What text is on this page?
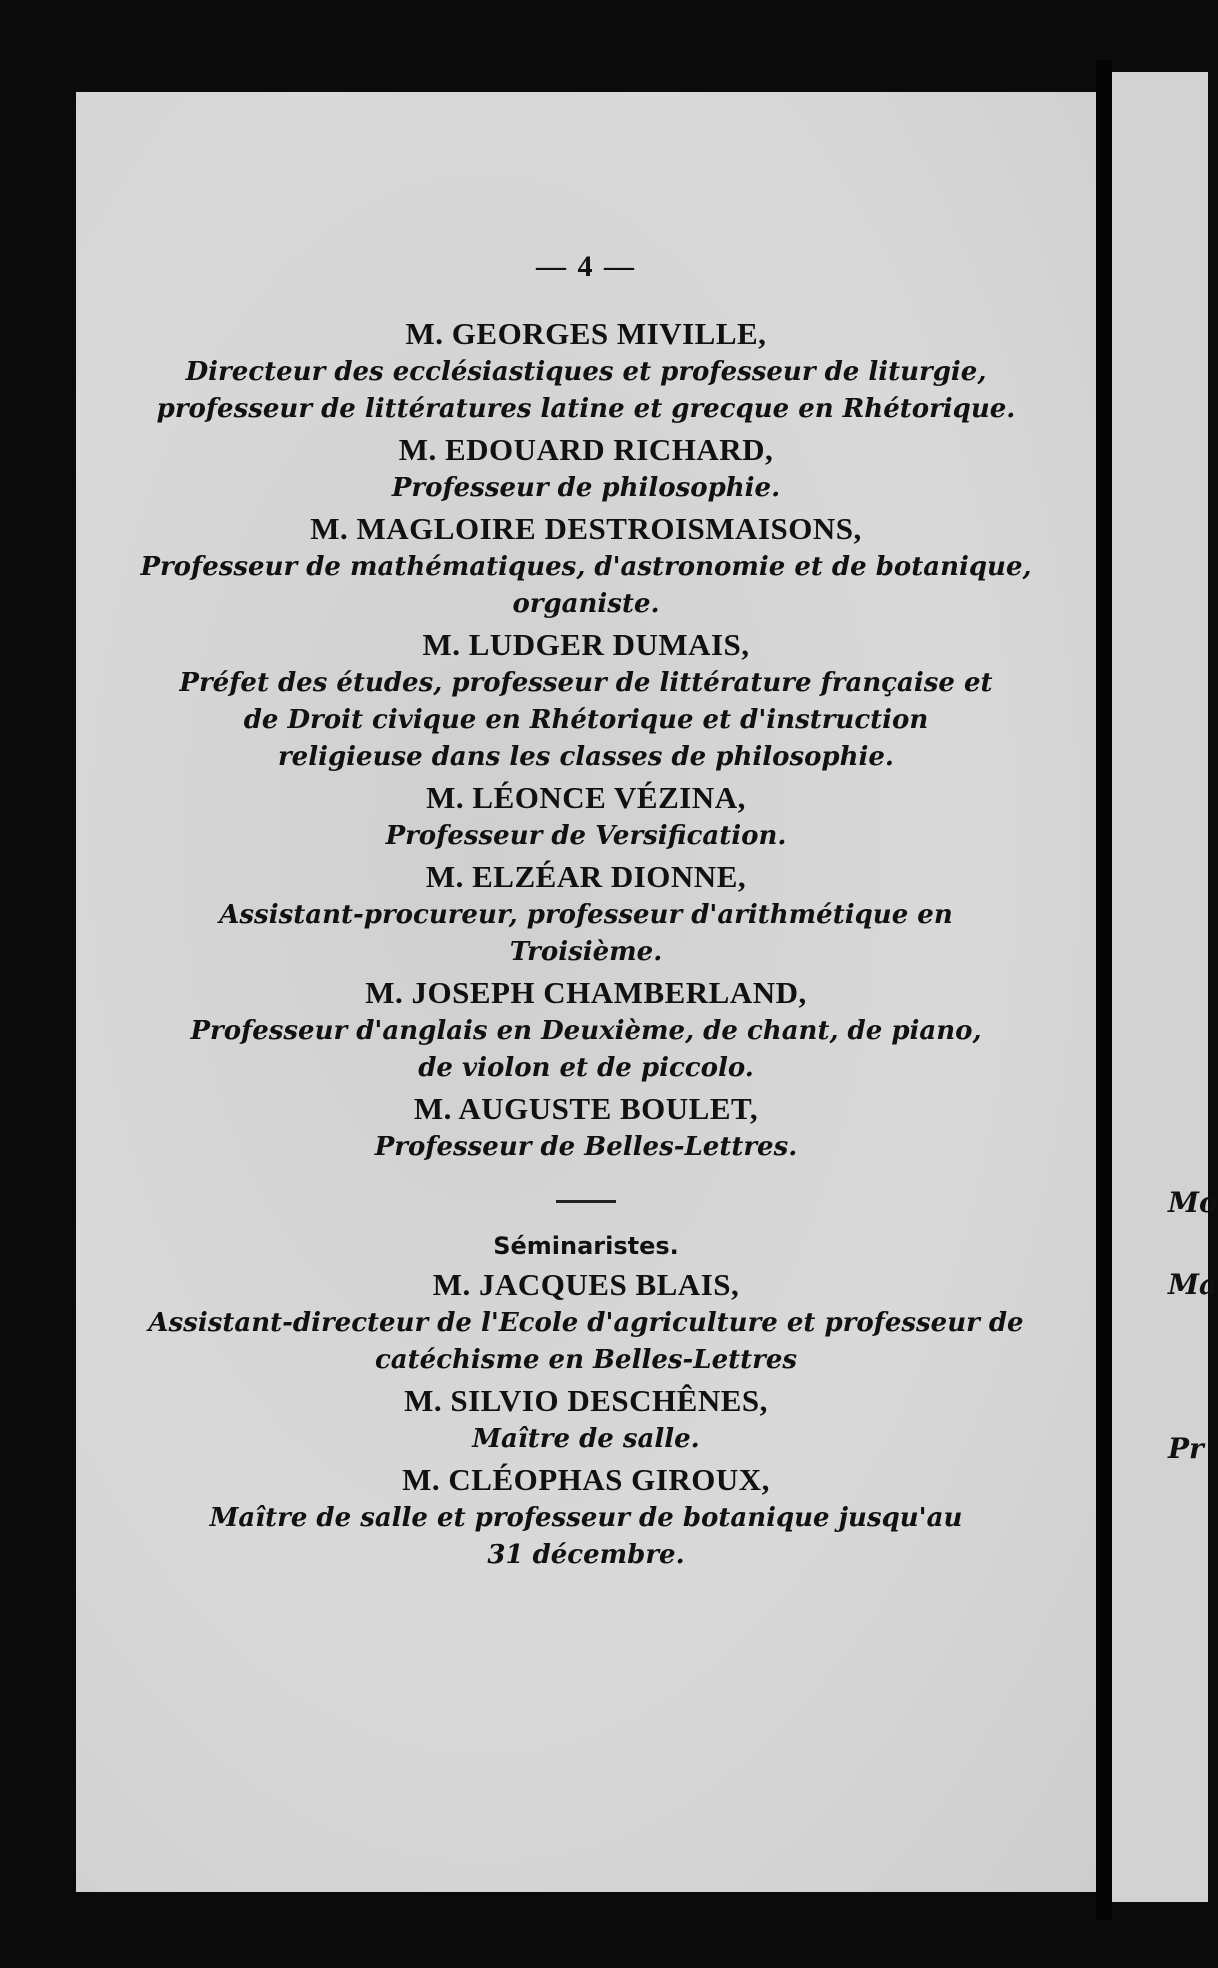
Mo
Ma
Pr
— 4 —
M. GEORGES MIVILLE,
Directeur des ecclésiastiques et professeur de liturgie,
professeur de littératures latine et grecque en Rhétorique.
M. EDOUARD RICHARD,
Professeur de philosophie.
M. MAGLOIRE DESTROISMAISONS,
Professeur de mathématiques, d'astronomie et de botanique,
organiste.
M. LUDGER DUMAIS,
Préfet des études, professeur de littérature française et
de Droit civique en Rhétorique et d'instruction
religieuse dans les classes de philosophie.
M. LÉONCE VÉZINA,
Professeur de Versification.
M. ELZÉAR DIONNE,
Assistant-procureur, professeur d'arithmétique en
Troisième.
M. JOSEPH CHAMBERLAND,
Professeur d'anglais en Deuxième, de chant, de piano,
de violon et de piccolo.
M. AUGUSTE BOULET,
Professeur de Belles-Lettres.
Séminaristes.
M. JACQUES BLAIS,
Assistant-directeur de l'Ecole d'agriculture et professeur de
catéchisme en Belles-Lettres
M. SILVIO DESCHÊNES,
Maître de salle.
M. CLÉOPHAS GIROUX,
Maître de salle et professeur de botanique jusqu'au
31 décembre.
